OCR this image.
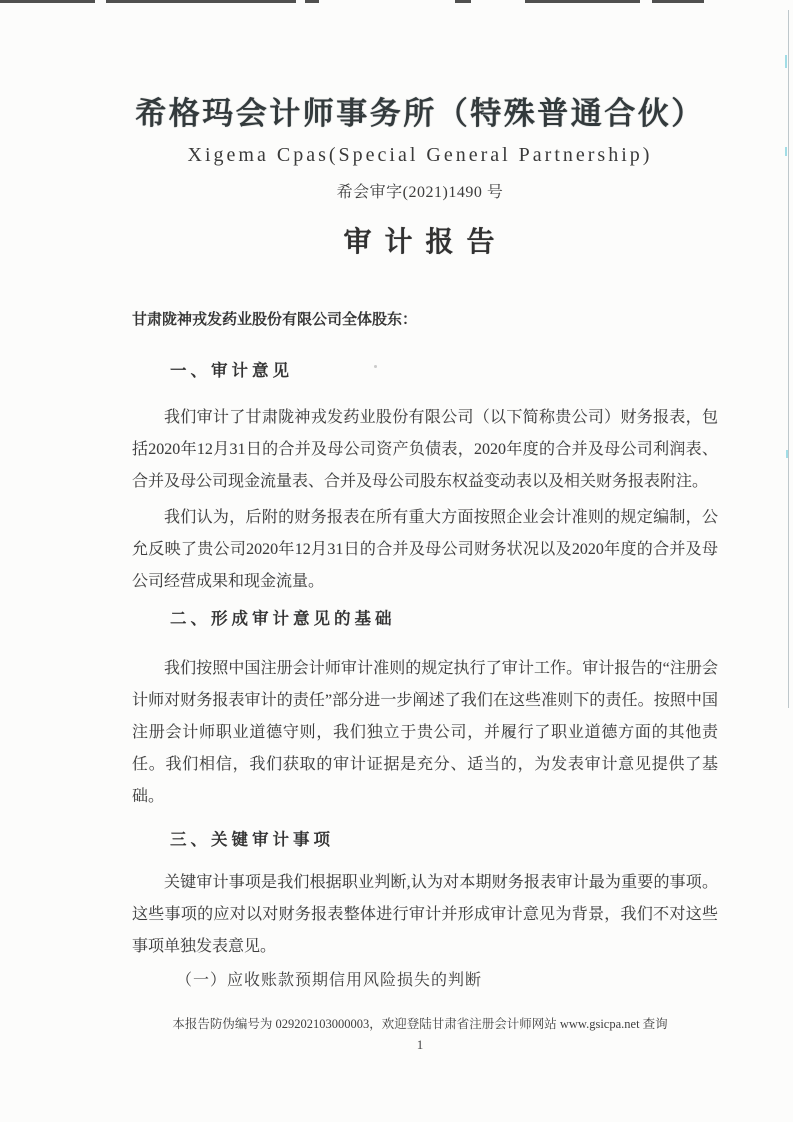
希格玛会计师事务所（特殊普通合伙）
Xigema Cpas(Special General Partnership)
希会审字(2021)1490 号
审 计 报 告
甘肃陇神戎发药业股份有限公司全体股东：
一、审计意见

我们审计了甘肃陇神戎发药业股份有限公司（以下简称贵公司）财务报表，包括2020年12月31日的合并及母公司资产负债表，2020年度的合并及母公司利润表、合并及母公司现金流量表、合并及母公司股东权益变动表以及相关财务报表附注。

我们认为，后附的财务报表在所有重大方面按照企业会计准则的规定编制，公允反映了贵公司2020年12月31日的合并及母公司财务状况以及2020年度的合并及母公司经营成果和现金流量。

二、形成审计意见的基础

我们按照中国注册会计师审计准则的规定执行了审计工作。审计报告的“注册会计师对财务报表审计的责任”部分进一步阐述了我们在这些准则下的责任。按照中国注册会计师职业道德守则，我们独立于贵公司，并履行了职业道德方面的其他责任。我们相信，我们获取的审计证据是充分、适当的，为发表审计意见提供了基础。

三、关键审计事项

关键审计事项是我们根据职业判断,认为对本期财务报表审计最为重要的事项。这些事项的应对以对财务报表整体进行审计并形成审计意见为背景，我们不对这些事项单独发表意见。

（一）应收账款预期信用风险损失的判断
本报告防伪编号为 029202103000003，欢迎登陆甘肃省注册会计师网站 www.gsicpa.net 查询
1
